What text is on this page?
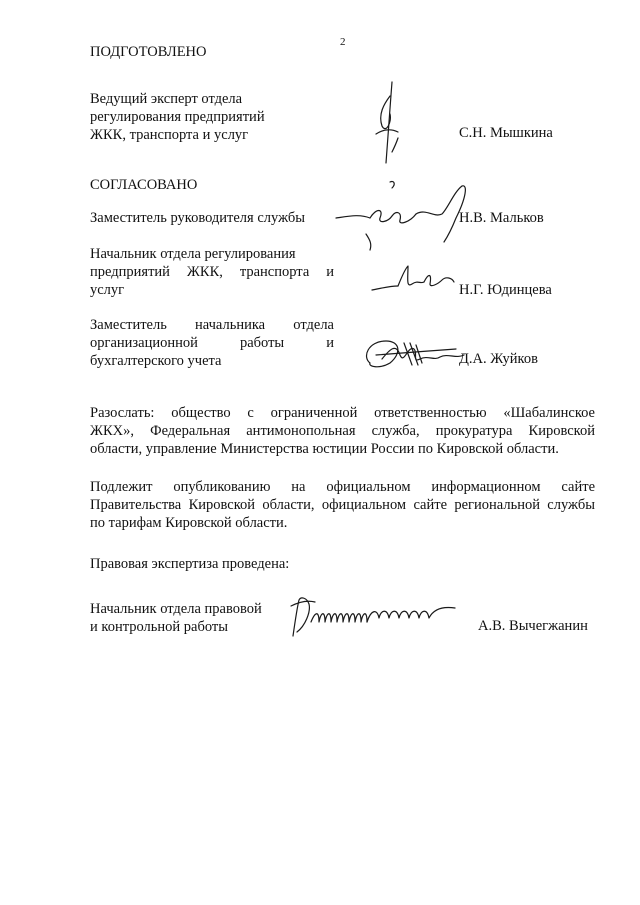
2
ПОДГОТОВЛЕНО
Ведущий эксперт отдела
регулирования предприятий
ЖКК, транспорта и услуг	С.Н. Мышкина
СОГЛАСОВАНО
Заместитель руководителя службы	Н.В. Мальков
Начальник отдела регулирования
предприятий ЖКК, транспорта и
услуг	Н.Г. Юдинцева
Заместитель начальника отдела
организационной работы и
бухгалтерского учета	Д.А. Жуйков
Разослать: общество с ограниченной ответственностью «Шабалинское
ЖКХ», Федеральная антимонопольная служба, прокуратура Кировской
области, управление Министерства юстиции России по Кировской области.
Подлежит опубликованию на официальном информационном сайте
Правительства Кировской области, официальном сайте региональной службы
по тарифам Кировской области.
Правовая экспертиза проведена:
Начальник отдела правовой
и контрольной работы	А.В. Вычегжанин
